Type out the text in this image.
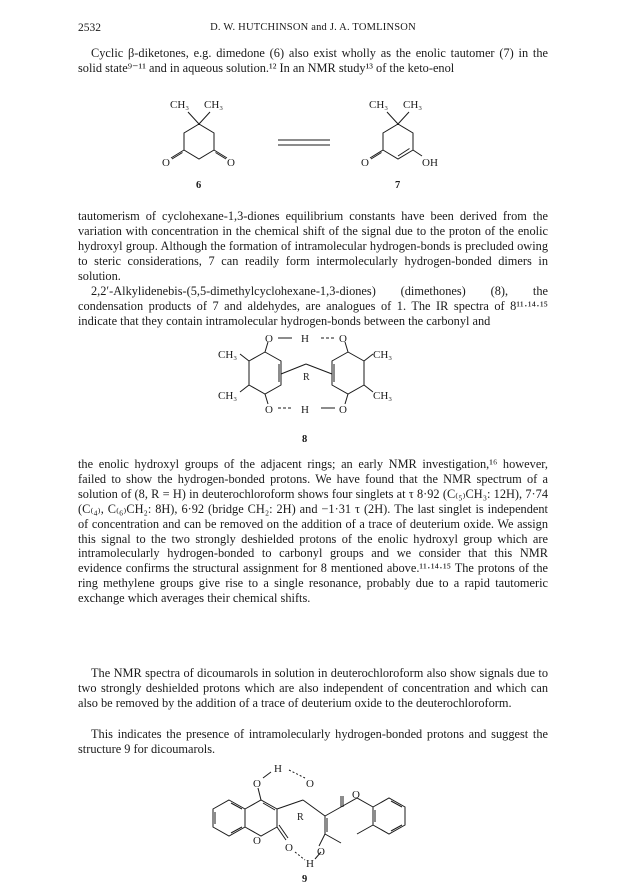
2532	D. W. HUTCHINSON and J. A. TOMLINSON

Cyclic β-diketones, e.g. dimedone (6) also exist wholly as the enolic tautomer (7) in the solid state⁹⁻¹¹ and in aqueous solution.¹² In an NMR study¹³ of the keto-enol

CH₃ CH₃
O	O
6
CH₃ CH₃
O	OH
7

tautomerism of cyclohexane-1,3-diones equilibrium constants have been derived from the variation with concentration in the chemical shift of the signal due to the proton of the enolic hydroxyl group. Although the formation of intramolecular hydrogen-bonds is precluded owing to steric considerations, 7 can readily form intermolecularly hydrogen-bonded dimers in solution.

2,2′-Alkylidenebis-(5,5-dimethylcyclohexane-1,3-diones) (dimethones) (8), the condensation products of 7 and aldehydes, are analogues of 1. The IR spectra of 8¹¹·¹⁴·¹⁵ indicate that they contain intramolecular hydrogen-bonds between the carbonyl and

O	H	O
CH₃
CH₃
CH₃
CH₃
R
O	H	O
8

the enolic hydroxyl groups of the adjacent rings; an early NMR investigation,¹⁶ however, failed to show the hydrogen-bonded protons. We have found that the NMR spectrum of a solution of (8, R = H) in deuterochloroform shows four singlets at τ 8·92 (C₍₅₎CH₃: 12H), 7·74 (C₍₄₎, C₍₆₎CH₂: 8H), 6·92 (bridge CH₂: 2H) and −1·31 τ (2H). The last singlet is independent of concentration and can be removed on the addition of a trace of deuterium oxide. We assign this signal to the two strongly deshielded protons of the enolic hydroxyl group which are intramolecularly hydrogen-bonded to carbonyl groups and we consider that this NMR evidence confirms the structural assignment for 8 mentioned above.¹¹·¹⁴·¹⁵ The protons of the ring methylene groups give rise to a single resonance, probably due to a rapid tautomeric exchange which averages their chemical shifts.

The NMR spectra of dicoumarols in solution in deuterochloroform also show signals due to two strongly deshielded protons which are also independent of concentration and which can also be removed by the addition of a trace of deuterium oxide to the deuterochloroform.

This indicates the presence of intramolecularly hydrogen-bonded protons and suggest the structure 9 for dicoumarols.

O
H
O
O
R
O
O
H
O
9
